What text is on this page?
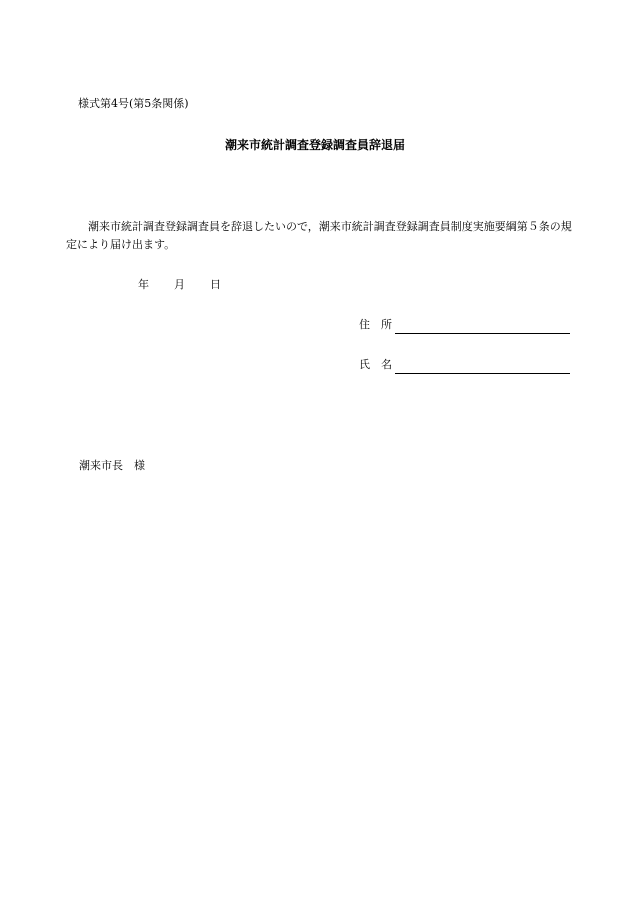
様式第4号(第5条関係)
潮来市統計調査登録調査員辞退届
潮来市統計調査登録調査員を辞退したいので，潮来市統計調査登録調査員制度実施要綱第５条の規定により届け出ます。
年 月 日
住　所
氏　名
潮来市長　様
